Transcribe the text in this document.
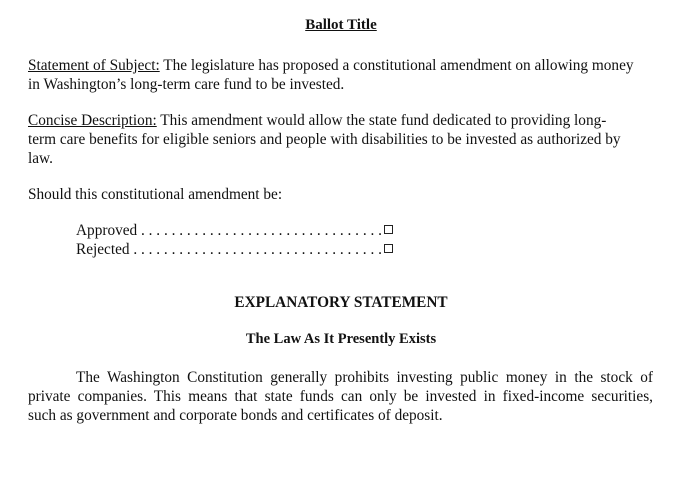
Ballot Title
Statement of Subject: The legislature has proposed a constitutional amendment on allowing money
in Washington’s long-term care fund to be invested.
Concise Description: This amendment would allow the state fund dedicated to providing long-
term care benefits for eligible seniors and people with disabilities to be invested as authorized by
law.
Should this constitutional amendment be:
Approved . . . . . . . . . . . . . . . . . . . . . . . . . . . . . . . .
Rejected . . . . . . . . . . . . . . . . . . . . . . . . . . . . . . . . .
EXPLANATORY STATEMENT
The Law As It Presently Exists
The Washington Constitution generally prohibits investing public money in the stock of
private companies. This means that state funds can only be invested in fixed-income securities,
such as government and corporate bonds and certificates of deposit.
